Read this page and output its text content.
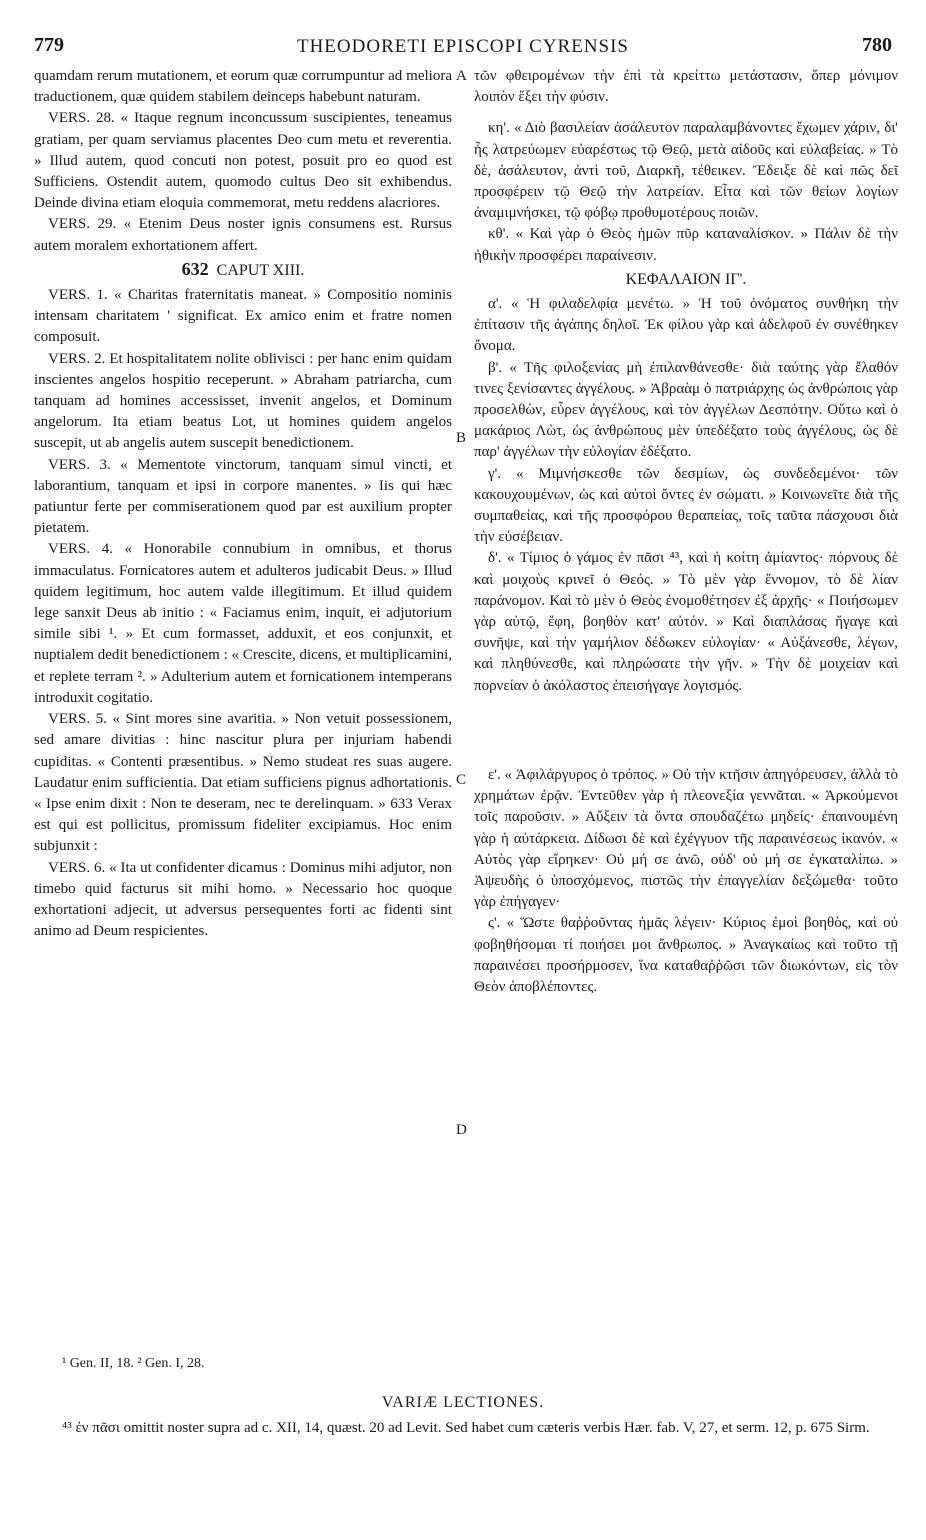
779	THEODORETI EPISCOPI CYRENSIS	780
A
B
C
D

quamdam rerum mutationem, et eorum quæ corrumpuntur ad meliora traductionem, quæ quidem stabilem deinceps habebunt naturam.

VERS. 28. « Itaque regnum inconcussum suscipientes, teneamus gratiam, per quam serviamus placentes Deo cum metu et reverentia. » Illud autem, quod concuti non potest, posuit pro eo quod est Sufficiens. Ostendit autem, quomodo cultus Deo sit exhibendus. Deinde divina etiam eloquia commemorat, metu reddens alacriores.

VERS. 29. « Etenim Deus noster ignis consumens est. Rursus autem moralem exhortationem affert.

632 CAPUT XIII.

VERS. 1. « Charitas fraternitatis maneat. » Compositio nominis intensam charitatem ' significat. Ex amico enim et fratre nomen composuit.

VERS. 2. Et hospitalitatem nolite oblivisci : per hanc enim quidam inscientes angelos hospitio receperunt. » Abraham patriarcha, cum tanquam ad homines accessisset, invenit angelos, et Dominum angelorum. Ita etiam beatus Lot, ut homines quidem angelos suscepit, ut ab angelis autem suscepit benedictionem.

VERS. 3. « Mementote vinctorum, tanquam simul vincti, et laborantium, tanquam et ipsi in corpore manentes. » Iis qui hæc patiuntur ferte per commiserationem quod par est auxilium propter pietatem.

VERS. 4. « Honorabile connubium in omnibus, et thorus immaculatus. Fornicatores autem et adulteros judicabit Deus. » Illud quidem legitimum, hoc autem valde illegitimum. Et illud quidem lege sanxit Deus ab initio : « Faciamus enim, inquit, ei adjutorium simile sibi ¹. » Et cum formasset, adduxit, et eos conjunxit, et nuptialem dedit benedictionem : « Crescite, dicens, et multiplicamini, et replete terram ². » Adulterium autem et fornicationem intemperans introduxit cogitatio.

VERS. 5. « Sint mores sine avaritia. » Non vetuit possessionem, sed amare divitias : hinc nascitur plura per injuriam habendi cupiditas. « Contenti præsentibus. » Nemo studeat res suas augere. Laudatur enim sufficientia. Dat etiam sufficiens pignus adhortationis. « Ipse enim dixit : Non te deseram, nec te derelinquam. » 633 Verax est qui est pollicitus, promissum fideliter excipiamus. Hoc enim subjunxit :

VERS. 6. « Ita ut confidenter dicamus : Dominus mihi adjutor, non timebo quid facturus sit mihi homo. » Necessario hoc quoque exhortationi adjecit, ut adversus persequentes forti ac fidenti sint animo ad Deum respicientes.

τῶν φθειρομένων τὴν ἐπὶ τὰ κρείττω μετάστασιν, ὅπερ μόνιμον λοιπὸν ἕξει τὴν φύσιν.

κη'. « Διὸ βασιλείαν ἀσάλευτον παραλαμβάνοντες ἔχωμεν χάριν, δι' ἧς λατρεύωμεν εὐαρέστως τῷ Θεῷ, μετὰ αἰδοῦς καὶ εὐλαβείας. » Τὸ δὲ, ἀσάλευτον, ἀντὶ τοῦ, Διαρκῆ, τέθεικεν. Ἔδειξε δὲ καὶ πῶς δεῖ προσφέρειν τῷ Θεῷ τὴν λατρείαν. Εἶτα καὶ τῶν θείων λογίων ἀναμιμνήσκει, τῷ φόβῳ προθυμοτέρους ποιῶν.

κθ'. « Καὶ γὰρ ὁ Θεὸς ἡμῶν πῦρ καταναλίσκον. » Πάλιν δὲ τὴν ἠθικὴν προσφέρει παραίνεσιν.

ΚΕΦΑΛΑΙΟΝ ΙΓ'.

α'. « Ἡ φιλαδελφία μενέτω. » Ἡ τοῦ ὀνόματος συνθήκη τὴν ἐπίτασιν τῆς ἀγάπης δηλοῖ. Ἐκ φίλου γὰρ καὶ ἀδελφοῦ ἐν συνέθηκεν ὄνομα.

β'. « Τῆς φιλοξενίας μὴ ἐπιλανθάνεσθε· διὰ ταύτης γὰρ ἔλαθόν τινες ξενίσαντες ἀγγέλους. » Ἀβραὰμ ὁ πατριάρχης ὡς ἀνθρώποις γὰρ προσελθὼν, εὗρεν ἀγγέλους, καὶ τὸν ἀγγέλων Δεσπότην. Οὕτω καὶ ὁ μακάριος Λὼτ, ὡς ἀνθρώπους μὲν ὑπεδέξατο τοὺς ἀγγέλους, ὡς δὲ παρ' ἀγγέλων τὴν εὐλογίαν ἐδέξατο.

γ'. « Μιμνήσκεσθε τῶν δεσμίων, ὡς συνδεδεμένοι· τῶν κακουχουμένων, ὡς καὶ αὐτοὶ ὄντες ἐν σώματι. » Κοινωνεῖτε διὰ τῆς συμπαθείας, καὶ τῆς προσφόρου θεραπείας, τοῖς ταῦτα πάσχουσι διὰ τὴν εὐσέβειαν.

δ'. « Τίμιος ὁ γάμος ἐν πᾶσι ⁴³, καὶ ἡ κοίτη ἀμίαντος· πόρνους δὲ καὶ μοιχοὺς κρινεῖ ὁ Θεός. » Τὸ μὲν γὰρ ἔννομον, τὸ δὲ λίαν παράνομον. Καὶ τὸ μὲν ὁ Θεὸς ἐνομοθέτησεν ἐξ ἀρχῆς· « Ποιήσωμεν γὰρ αὐτῷ, ἔφη, βοηθὸν κατ' αὐτόν. » Καὶ διαπλάσας ἤγαγε καὶ συνῆψε, καὶ τὴν γαμήλιον δέδωκεν εὐλογίαν· « Αὐξάνεσθε, λέγων, καὶ πληθύνεσθε, καὶ πληρώσατε τὴν γῆν. » Τὴν δὲ μοιχείαν καὶ πορνείαν ὁ ἀκόλαστος ἐπεισήγαγε λογισμός.

ε'. « Ἀφιλάργυρος ὁ τρόπος. » Οὐ τὴν κτῆσιν ἀπηγόρευσεν, ἀλλὰ τὸ χρημάτων ἐρᾷν. Ἐντεῦθεν γὰρ ἡ πλεονεξία γεννᾶται. « Ἀρκούμενοι τοῖς παροῦσιν. » Αὔξειν τὰ ὄντα σπουδαζέτω μηδείς· ἐπαινουμένη γὰρ ἡ αὐτάρκεια. Δίδωσι δὲ καὶ ἐχέγγυον τῆς παραινέσεως ἱκανόν. « Αὐτὸς γὰρ εἴρηκεν· Οὐ μή σε ἀνῶ, οὐδ' οὐ μή σε ἐγκαταλίπω. » Ἀψευδὴς ὁ ὑποσχόμενος, πιστῶς τὴν ἐπαγγελίαν δεξώμεθα· τοῦτο γὰρ ἐπήγαγεν·

ς'. « Ὥστε θαῤῥοῦντας ἡμᾶς λέγειν· Κύριος ἐμοὶ βοηθὸς, καὶ οὐ φοβηθήσομαι τί ποιήσει μοι ἄνθρωπος. » Ἀναγκαίως καὶ τοῦτο τῇ παραινέσει προσήρμοσεν, ἵνα καταθαῤῥῶσι τῶν διωκόντων, εἰς τὸν Θεὸν ἀποβλέποντες.

¹ Gen. II, 18. ² Gen. I, 28.
VARIÆ LECTIONES.
⁴³ ἐν πᾶσι omittit noster supra ad c. XII, 14, quæst. 20 ad Levit. Sed habet cum cæteris verbis Hær. fab. V, 27, et serm. 12, p. 675 Sirm.
